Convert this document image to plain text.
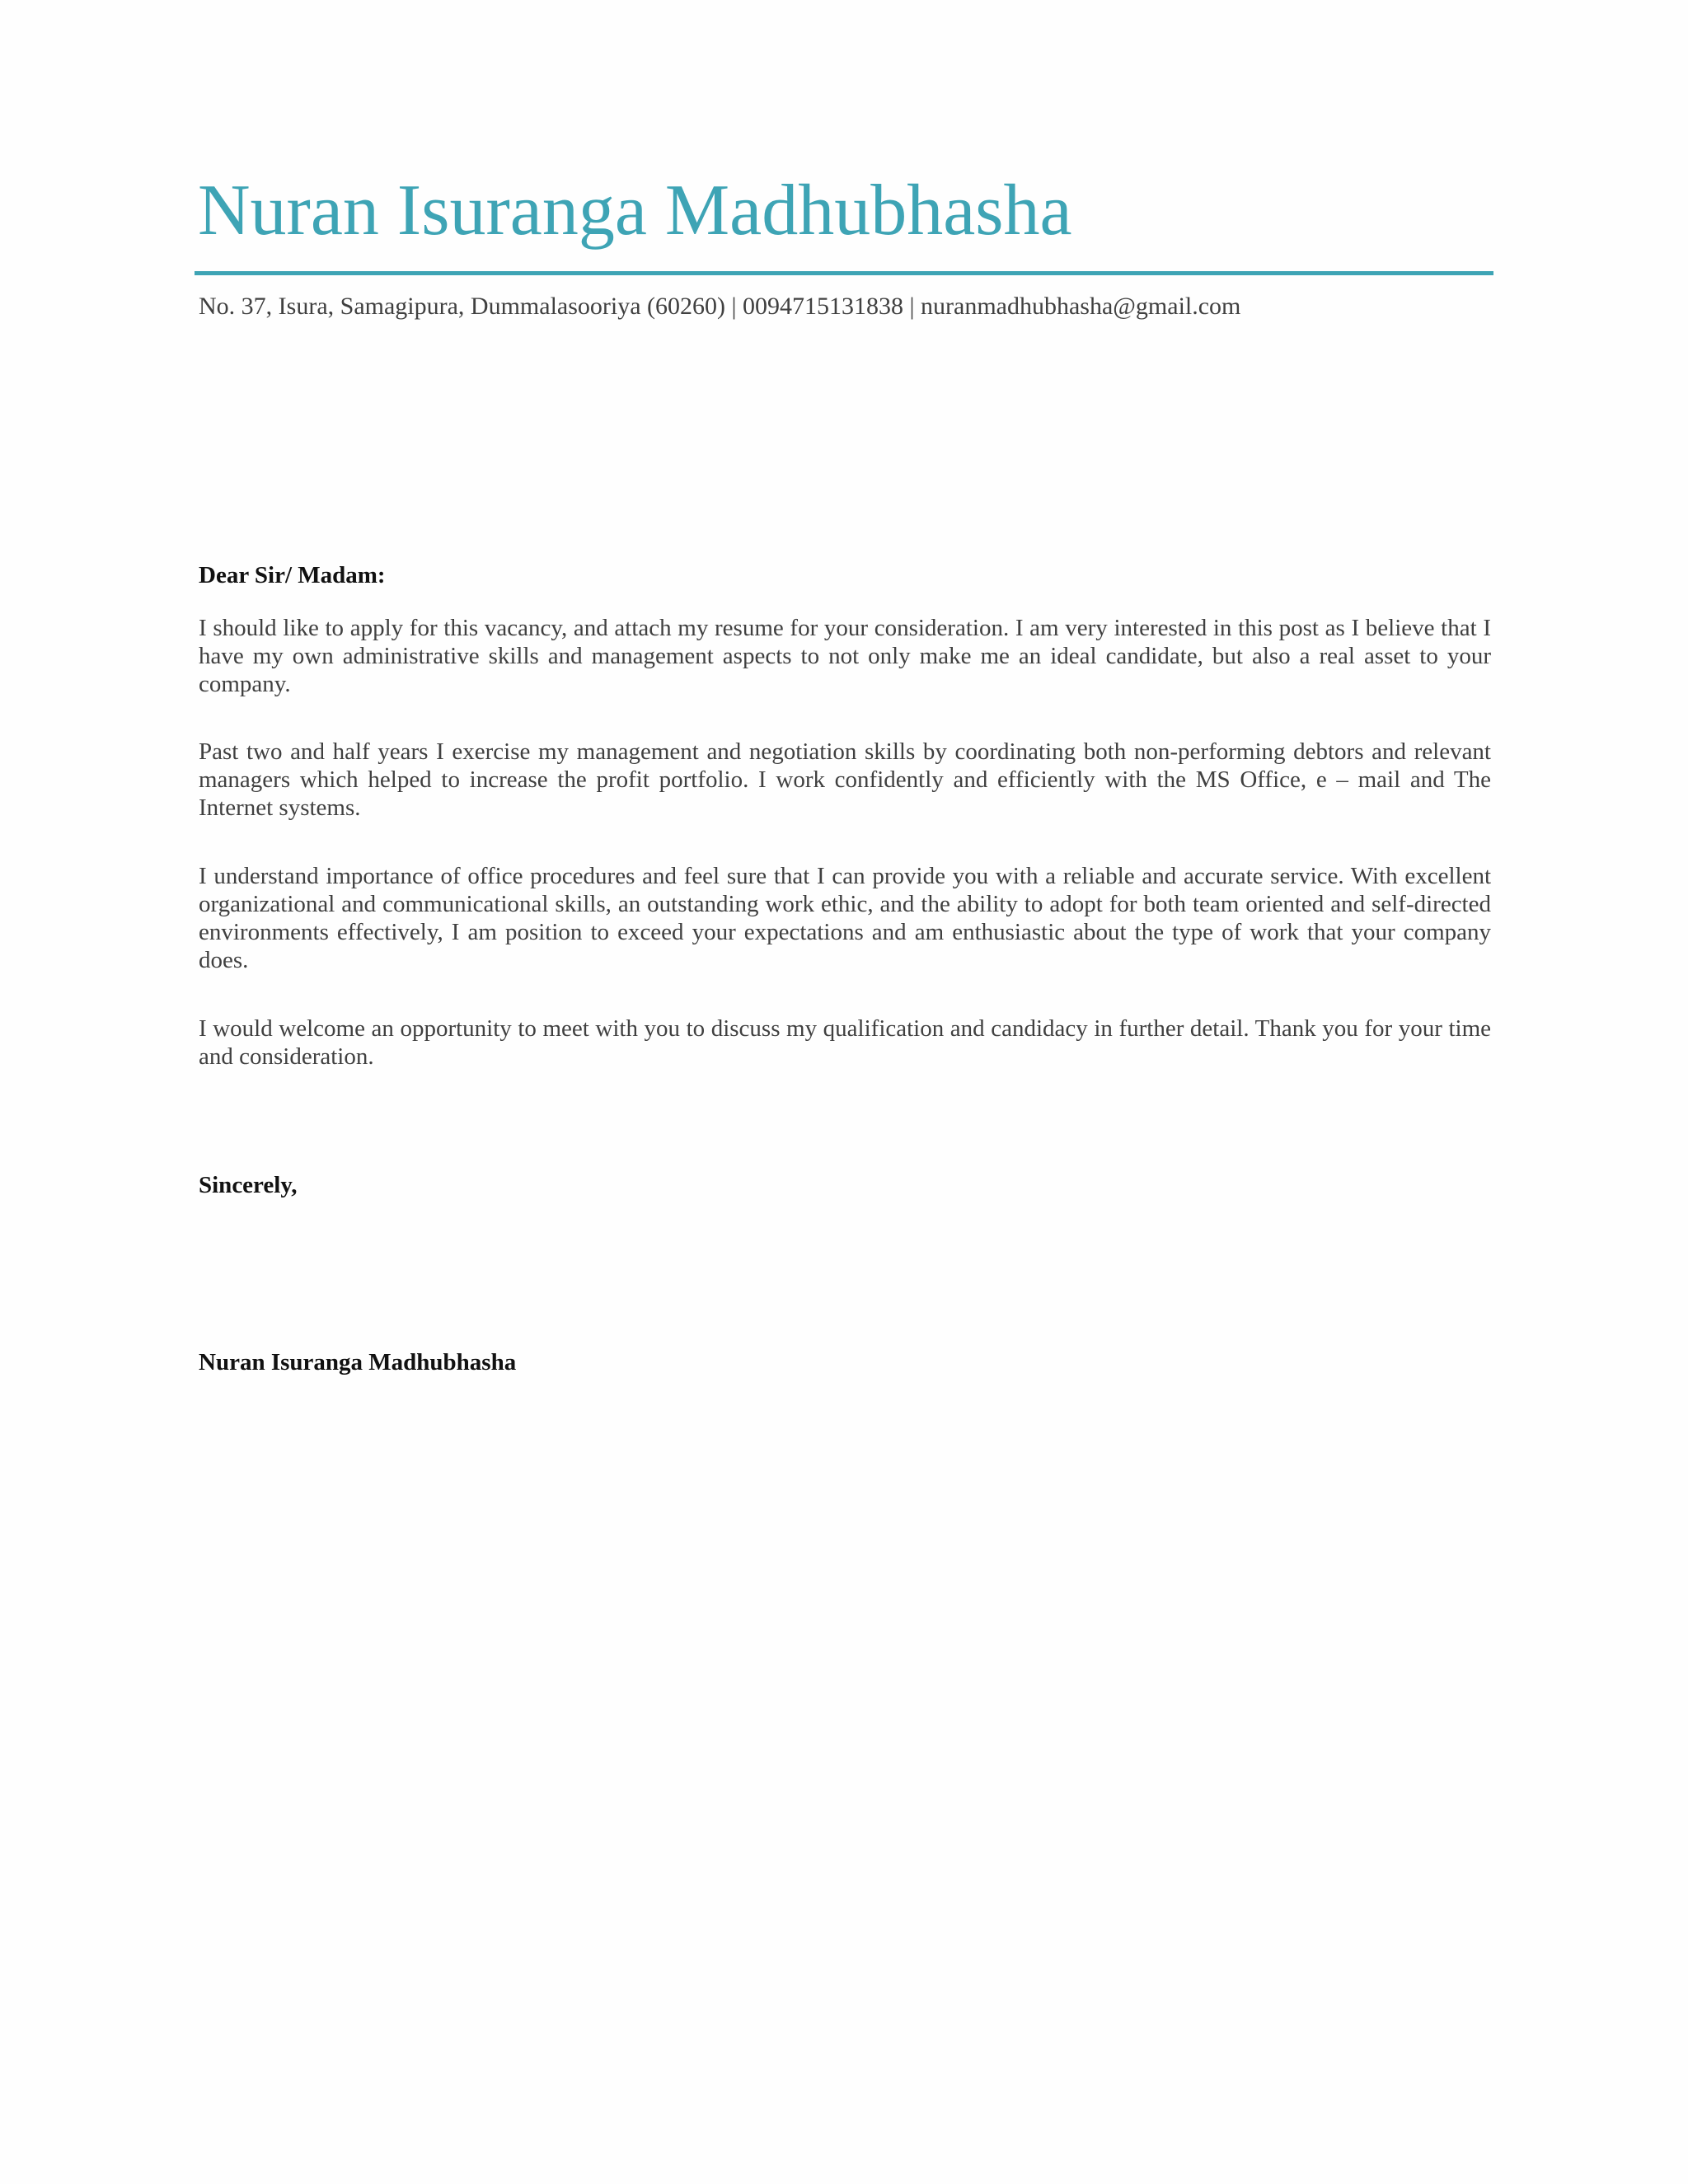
Nuran Isuranga Madhubhasha
No. 37, Isura, Samagipura, Dummalasooriya (60260) | 0094715131838 | nuranmadhubhasha@gmail.com
Dear Sir/ Madam:

I should like to apply for this vacancy, and attach my resume for your consideration. I am very interested in this post as I believe that I have my own administrative skills and management aspects to not only make me an ideal candidate, but also a real asset to your company.

Past two and half years I exercise my management and negotiation skills by coordinating both non-performing debtors and relevant managers which helped to increase the profit portfolio. I work confidently and efficiently with the MS Office, e – mail and The Internet systems.

I understand importance of office procedures and feel sure that I can provide you with a reliable and accurate service. With excellent organizational and communicational skills, an outstanding work ethic, and the ability to adopt for both team oriented and self-directed environments effectively, I am position to exceed your expectations and am enthusiastic about the type of work that your company does.

I would welcome an opportunity to meet with you to discuss my qualification and candidacy in further detail. Thank you for your time and consideration.

Sincerely,
Nuran Isuranga Madhubhasha
